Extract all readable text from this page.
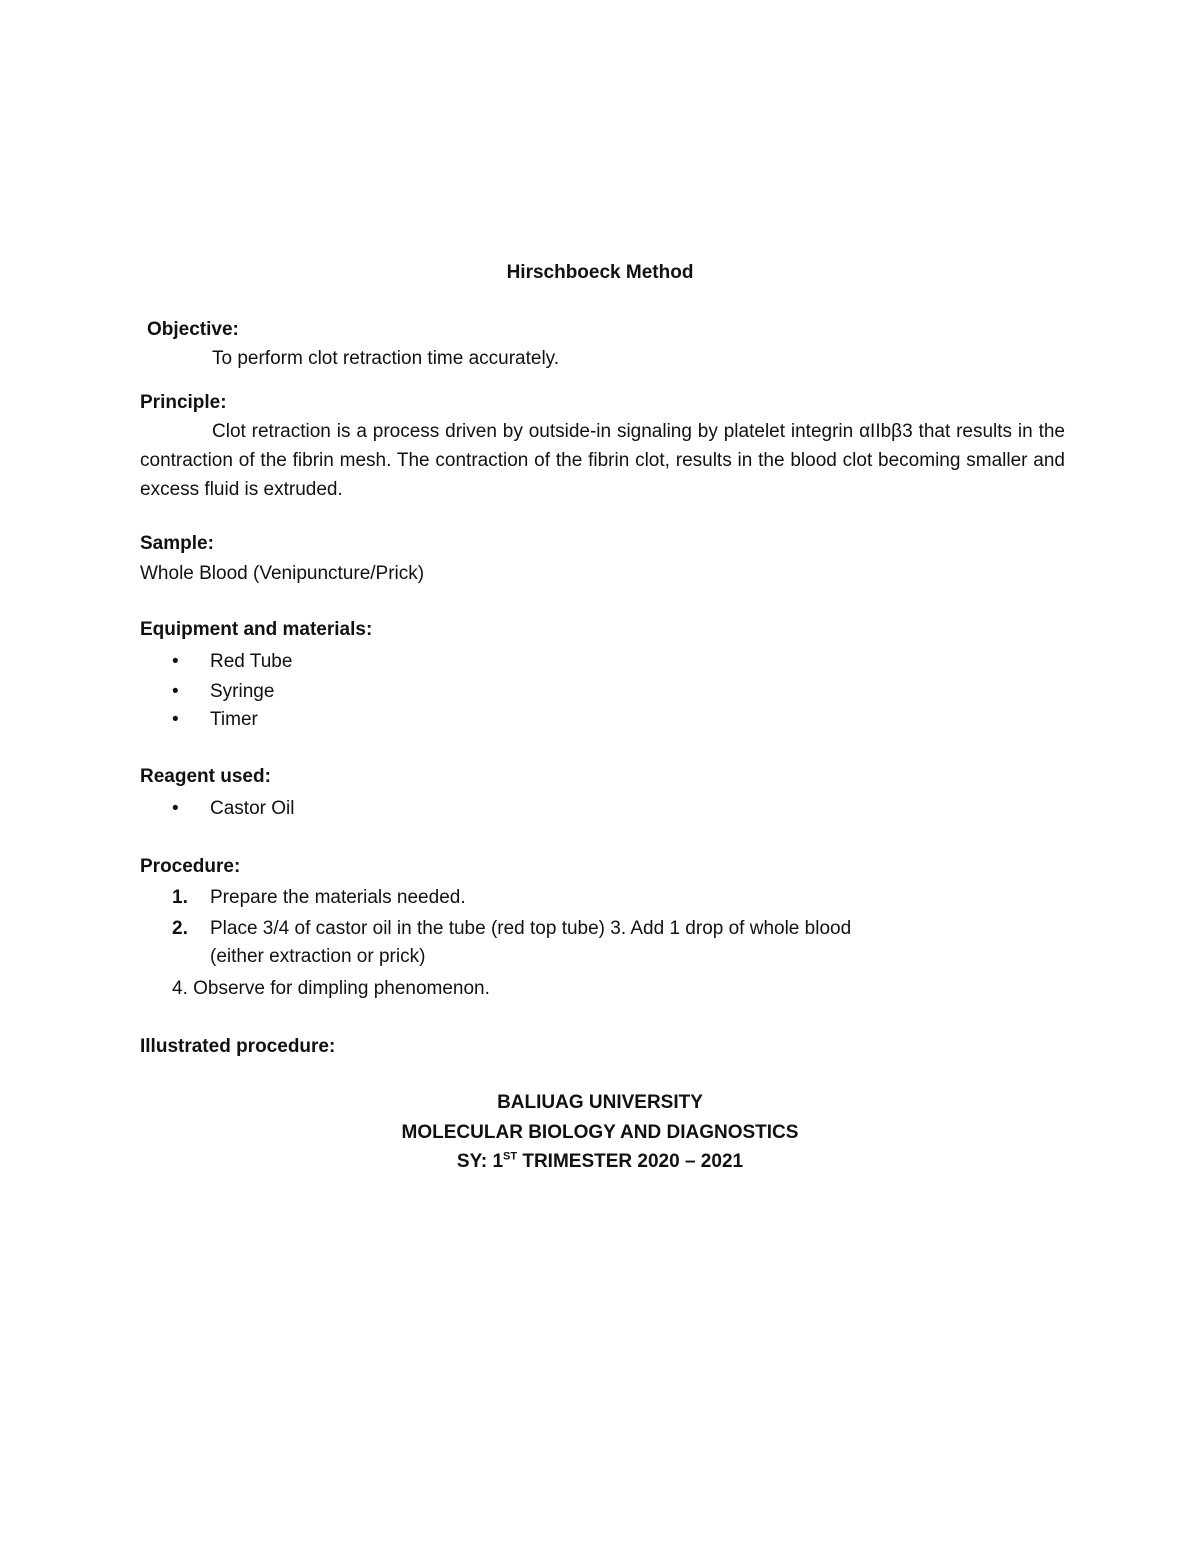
Hirschboeck Method
Objective:
To perform clot retraction time accurately.
Principle:
Clot retraction is a process driven by outside-in signaling by platelet integrin αIIbβ3 that results in the contraction of the fibrin mesh. The contraction of the fibrin clot, results in the blood clot becoming smaller and excess fluid is extruded.
Sample:
Whole Blood (Venipuncture/Prick)
Equipment and materials:
• Red Tube
• Syringe
• Timer
Reagent used:
• Castor Oil
Procedure:
1. Prepare the materials needed.
2. Place 3/4 of castor oil in the tube (red top tube) 3. Add 1 drop of whole blood
(either extraction or prick)
4. Observe for dimpling phenomenon.
Illustrated procedure:
BALIUAG UNIVERSITY
MOLECULAR BIOLOGY AND DIAGNOSTICS
SY: 1ST TRIMESTER 2020 – 2021
